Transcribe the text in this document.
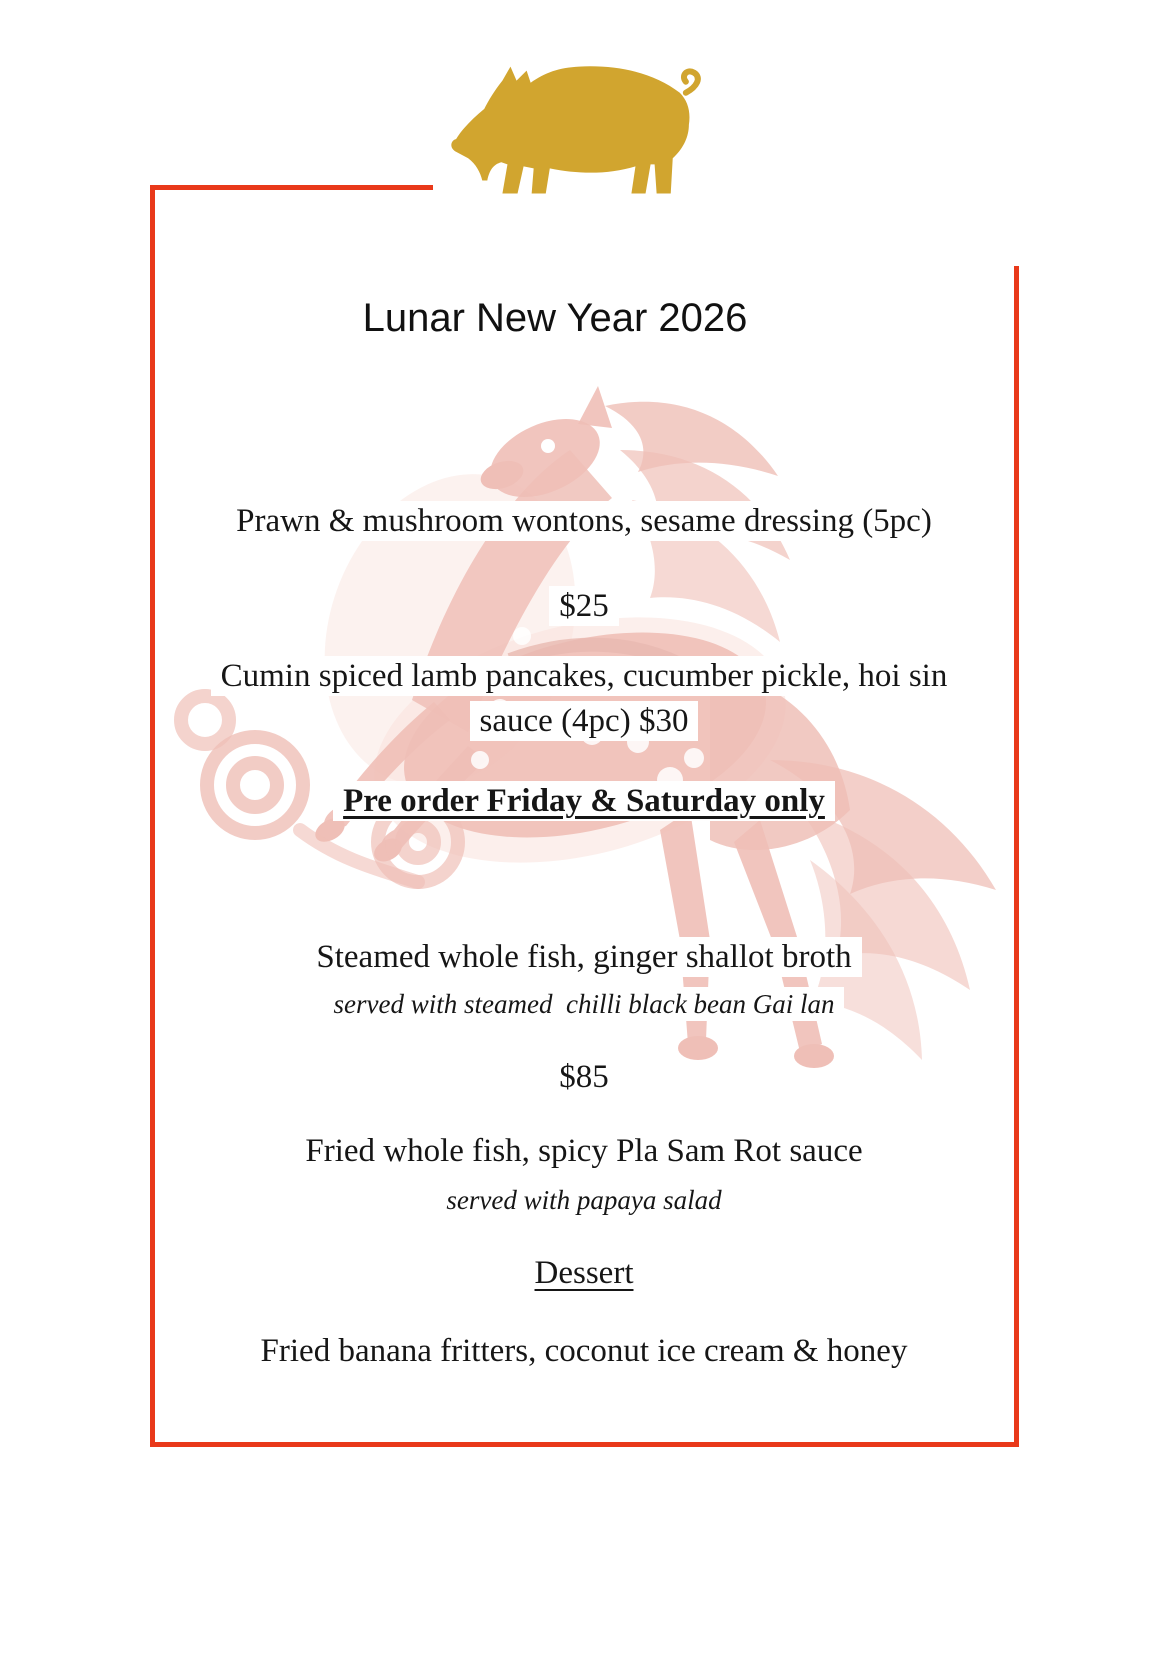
Lunar New Year 2026
Prawn & mushroom wontons, sesame dressing (5pc)
$25
Cumin spiced lamb pancakes, cucumber pickle, hoi sin
sauce (4pc) $30
Pre order Friday & Saturday only
Steamed whole fish, ginger shallot broth
served with steamed  chilli black bean Gai lan
$85
Fried whole fish, spicy Pla Sam Rot sauce
served with papaya salad
Dessert
Fried banana fritters, coconut ice cream & honey
